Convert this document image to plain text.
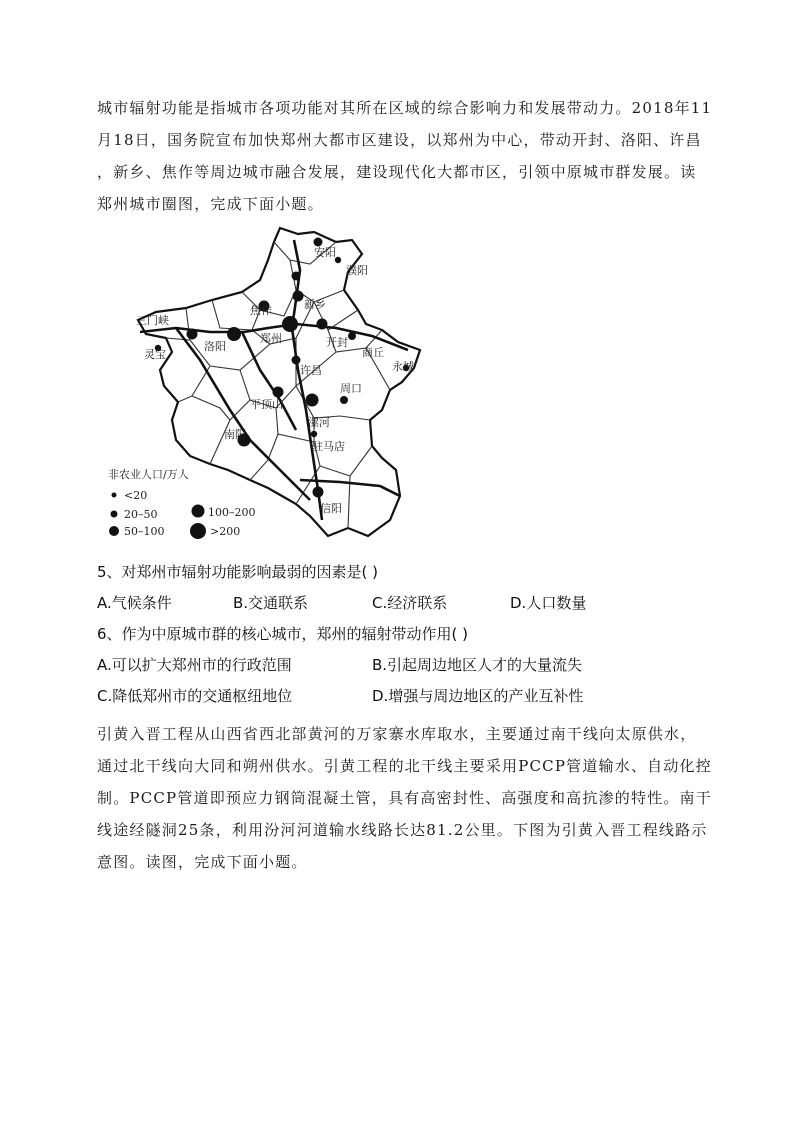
城市辐射功能是指城市各项功能对其所在区域的综合影响力和发展带动力。2018年11
月18日，国务院宣布加快郑州大都市区建设，以郑州为中心，带动开封、洛阳、许昌
，新乡、焦作等周边城市融合发展，建设现代化大都市区，引领中原城市群发展。读
郑州城市圈图，完成下面小题。
安阳
濮阳
新乡
焦作
郑州	开封
商丘
永城
三门峡
灵宝
洛阳
许昌
周口
平顶山
漯河
驻马店
南阳
信阳
非农业人口/万人
<20
20–50
50–100
100–200
>200
5、对郑州市辐射功能影响最弱的因素是( )
A.气候条件	B.交通联系	C.经济联系	D.人口数量
6、作为中原城市群的核心城市，郑州的辐射带动作用( )
A.可以扩大郑州市的行政范围	B.引起周边地区人才的大量流失
C.降低郑州市的交通枢纽地位	D.增强与周边地区的产业互补性
引黄入晋工程从山西省西北部黄河的万家寨水库取水，主要通过南干线向太原供水，
通过北干线向大同和朔州供水。引黄工程的北干线主要采用PCCP管道输水、自动化控
制。PCCP管道即预应力钢筒混凝土管，具有高密封性、高强度和高抗渗的特性。南干
线途经隧洞25条，利用汾河河道输水线路长达81.2公里。下图为引黄入晋工程线路示
意图。读图，完成下面小题。
